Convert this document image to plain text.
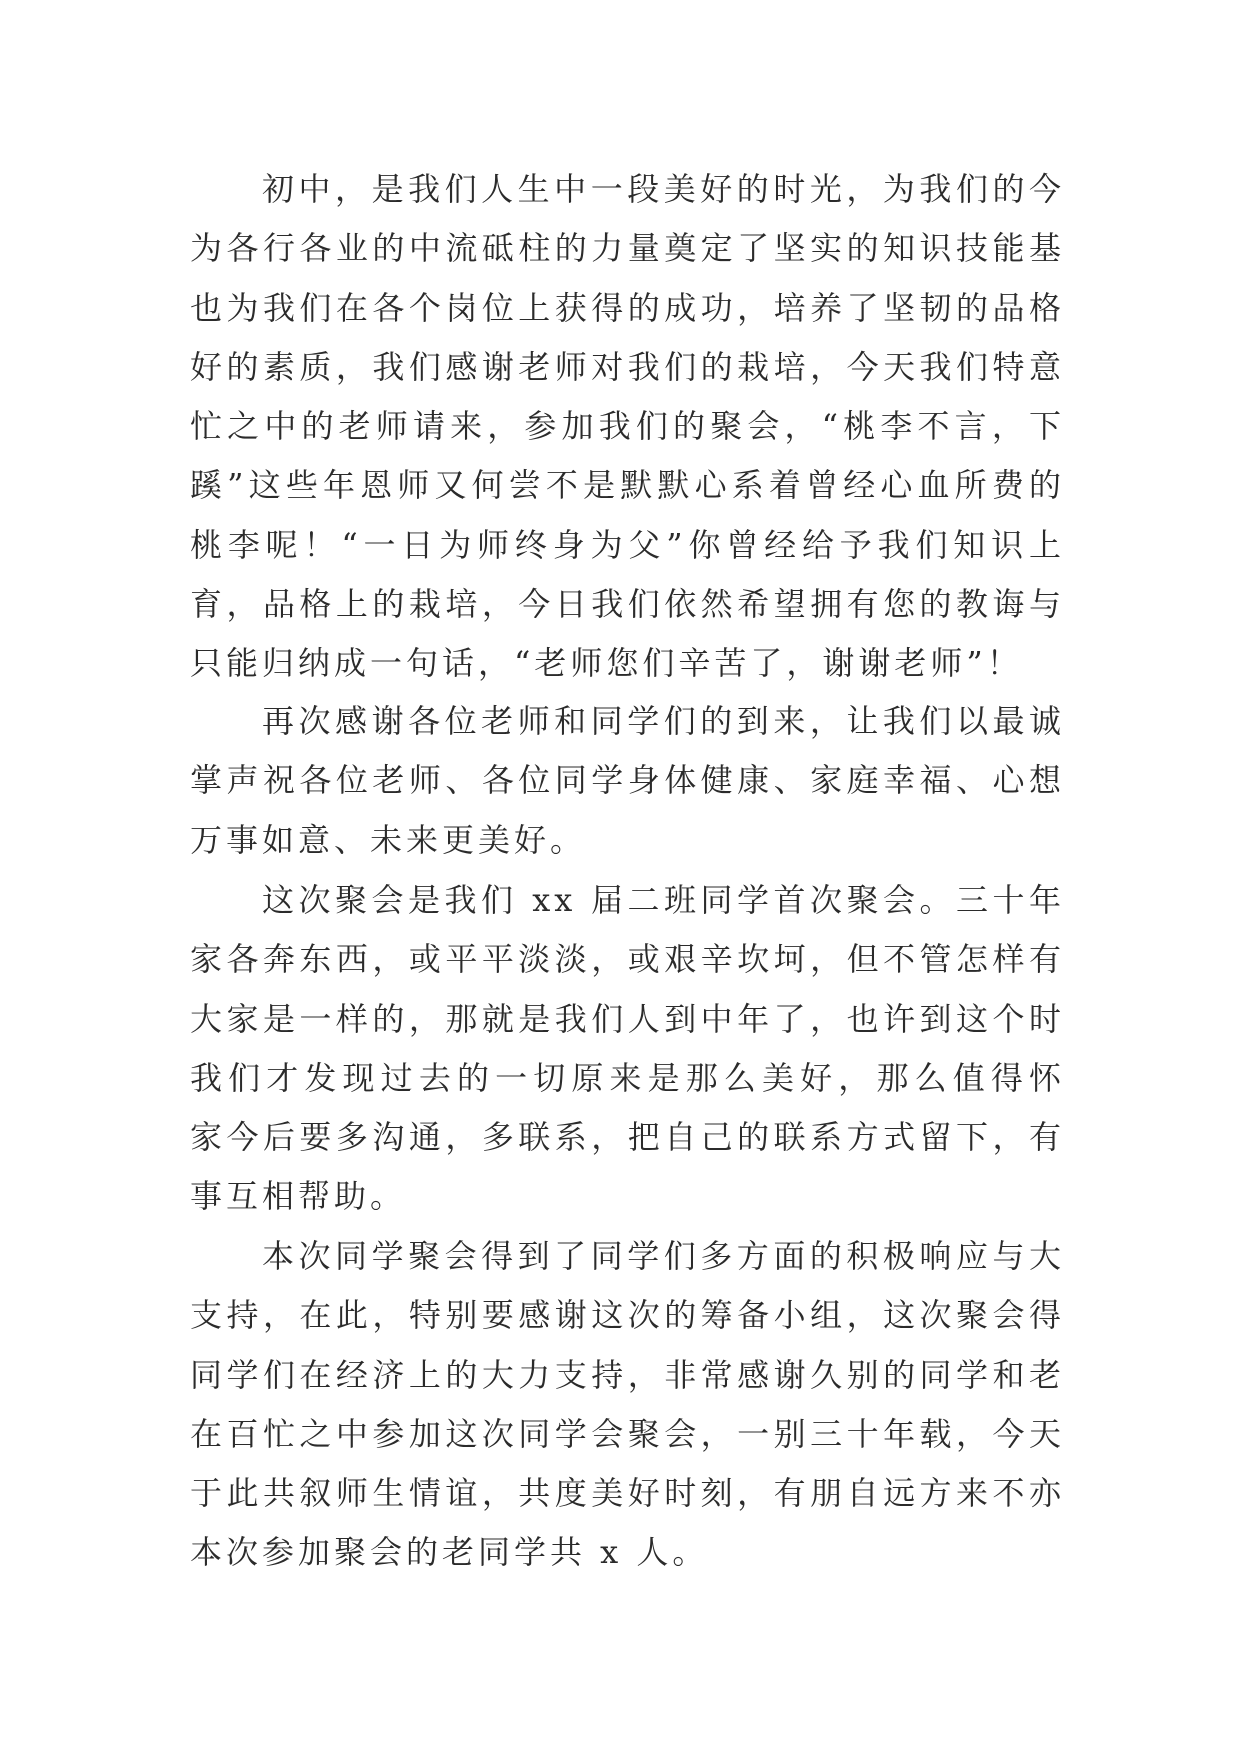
初中，是我们人生中一段美好的时光，为我们的今
为各行各业的中流砥柱的力量奠定了坚实的知识技能基
也为我们在各个岗位上获得的成功，培养了坚韧的品格
好的素质，我们感谢老师对我们的栽培，今天我们特意
忙之中的老师请来，参加我们的聚会，“桃李不言，下
蹊”这些年恩师又何尝不是默默心系着曾经心血所费的
桃李呢！“一日为师终身为父”你曾经给予我们知识上
育，品格上的栽培，今日我们依然希望拥有您的教诲与
只能归纳成一句话，“老师您们辛苦了，谢谢老师”！
再次感谢各位老师和同学们的到来，让我们以最诚
掌声祝各位老师、各位同学身体健康、家庭幸福、心想
万事如意、未来更美好。
这次聚会是我们 xx 届二班同学首次聚会。三十年
家各奔东西，或平平淡淡，或艰辛坎坷，但不管怎样有
大家是一样的，那就是我们人到中年了，也许到这个时
我们才发现过去的一切原来是那么美好，那么值得怀
家今后要多沟通，多联系，把自己的联系方式留下，有
事互相帮助。
本次同学聚会得到了同学们多方面的积极响应与大
支持，在此，特别要感谢这次的筹备小组，这次聚会得
同学们在经济上的大力支持，非常感谢久别的同学和老
在百忙之中参加这次同学会聚会，一别三十年载，今天
于此共叙师生情谊，共度美好时刻，有朋自远方来不亦
本次参加聚会的老同学共 x 人。
